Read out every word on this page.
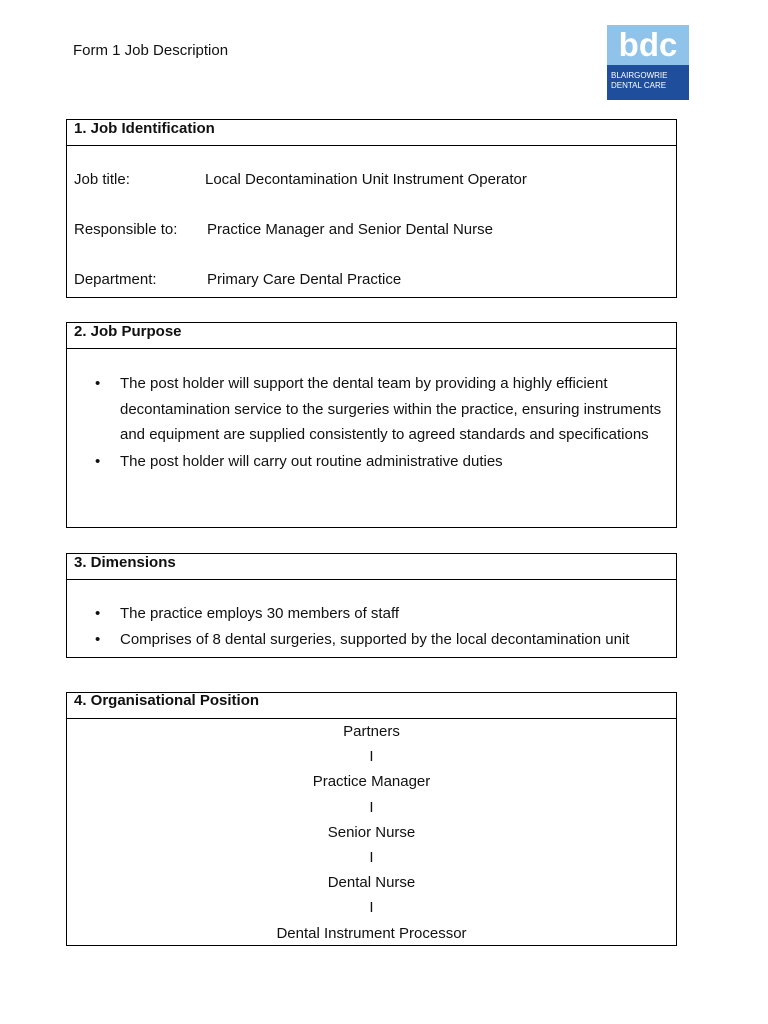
Form 1 Job Description	bdc
BLAIRGOWRIE
DENTAL CARE
1. Job Identification
Job title:	Local Decontamination Unit Instrument Operator
Responsible to: Practice Manager and Senior Dental Nurse
Department:	Primary Care Dental Practice
2. Job Purpose
• The post holder will support the dental team by providing a highly efficient decontamination service to the surgeries within the practice, ensuring instruments and equipment are supplied consistently to agreed standards and specifications
• The post holder will carry out routine administrative duties
3. Dimensions
• The practice employs 30 members of staff
• Comprises of 8 dental surgeries, supported by the local decontamination unit
4. Organisational Position
Partners
I
Practice Manager
I
Senior Nurse
I
Dental Nurse
I
Dental Instrument Processor
